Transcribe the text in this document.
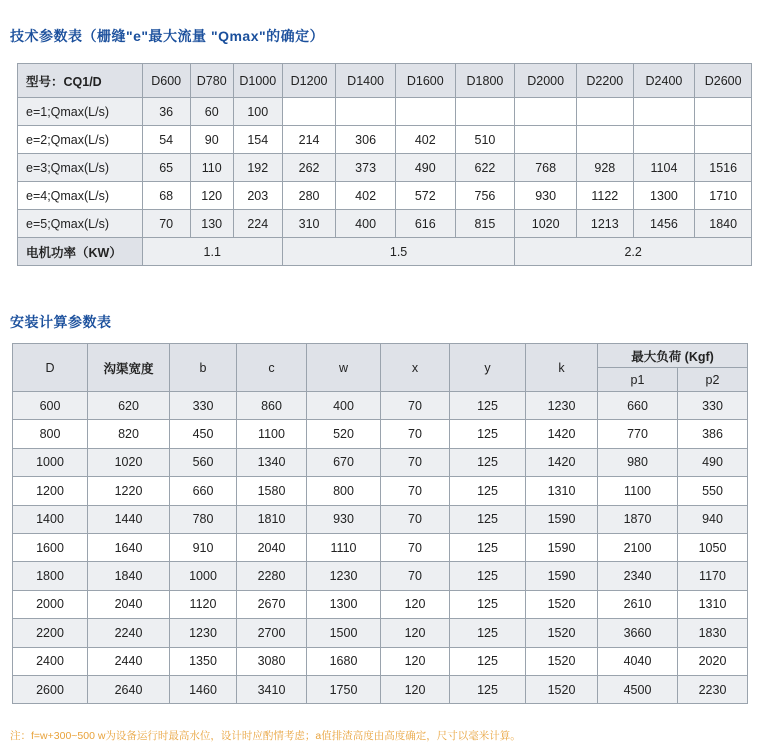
技术参数表（栅缝"e"最大流量 "Qmax"的确定）
型号：CQ1/D	D600	D780	D1000	D1200	D1400	D1600	D1800	D2000	D2200	D2400	D2600
e=1;Qmax(L/s)	36	60	100								
e=2;Qmax(L/s)	54	90	154	214	306	402	510				
e=3;Qmax(L/s)	65	110	192	262	373	490	622	768	928	1104	1516
e=4;Qmax(L/s)	68	120	203	280	402	572	756	930	1122	1300	1710
e=5;Qmax(L/s)	70	130	224	310	400	616	815	1020	1213	1456	1840
电机功率（KW）	1.1			1.5				2.2			
安装计算参数表
D	沟渠宽度	b	c	w	x	y	k	最大负荷 (Kgf)	
								p1	p2
600	620	330	860	400	70	125	1230	660	330
800	820	450	1100	520	70	125	1420	770	386
1000	1020	560	1340	670	70	125	1420	980	490
1200	1220	660	1580	800	70	125	1310	1100	550
1400	1440	780	1810	930	70	125	1590	1870	940
1600	1640	910	2040	1110	70	125	1590	2100	1050
1800	1840	1000	2280	1230	70	125	1590	2340	1170
2000	2040	1120	2670	1300	120	125	1520	2610	1310
2200	2240	1230	2700	1500	120	125	1520	3660	1830
2400	2440	1350	3080	1680	120	125	1520	4040	2020
2600	2640	1460	3410	1750	120	125	1520	4500	2230
注：f=w+300~500 w为设备运行时最高水位，设计时应酌情考虑；a值排渣高度由高度确定，尺寸以毫米计算。
